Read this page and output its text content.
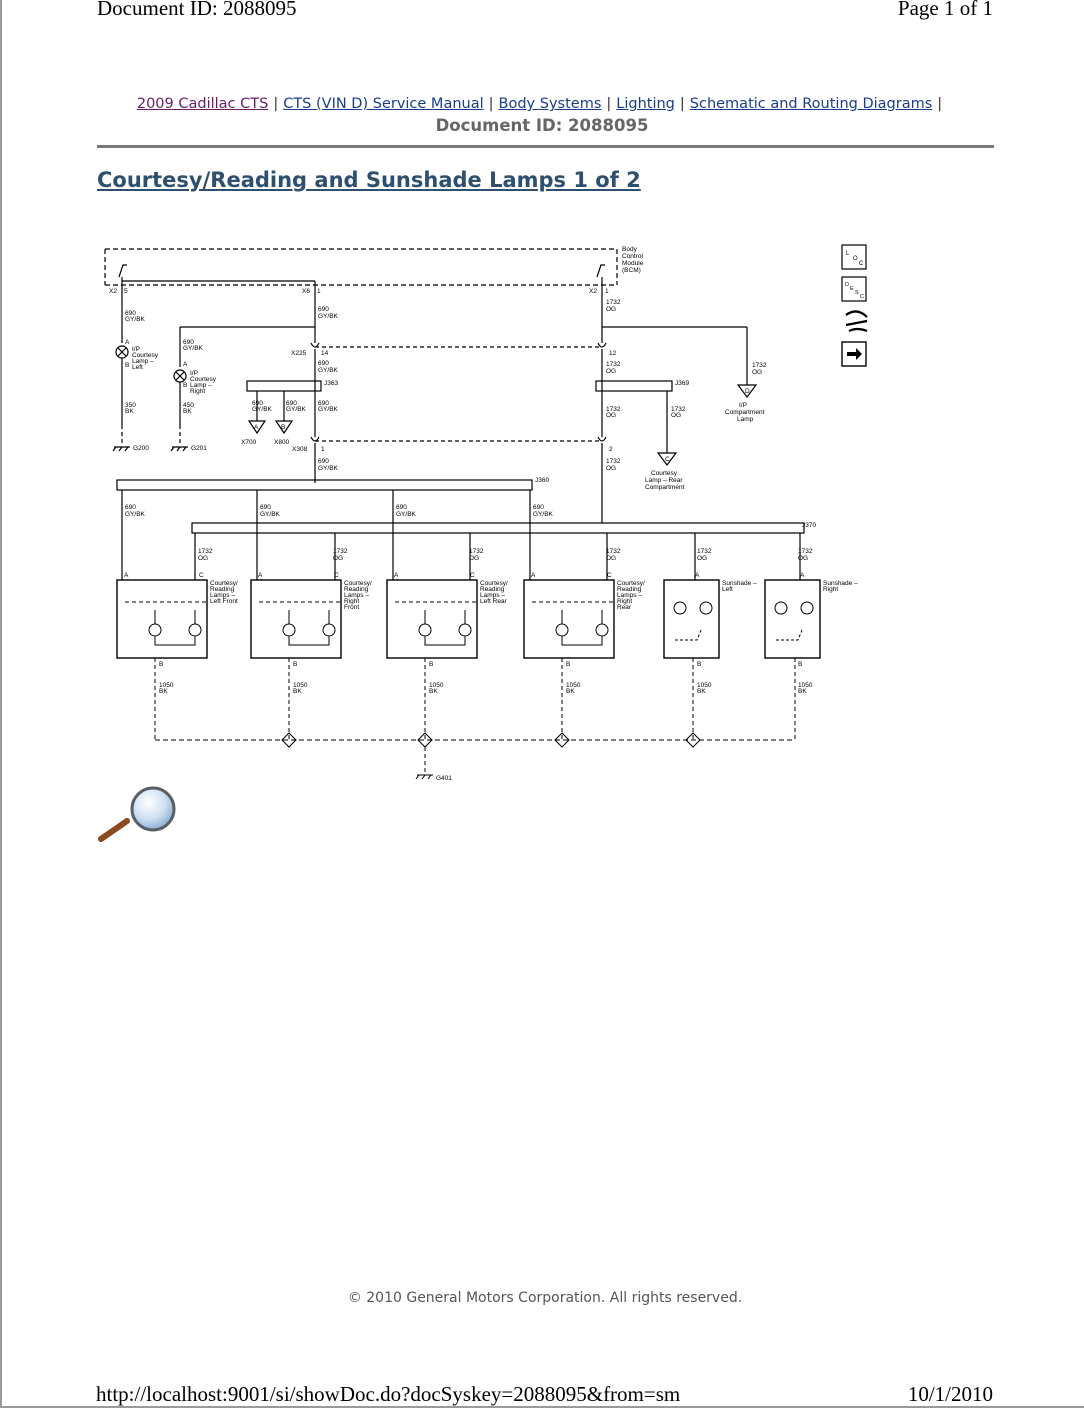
Document ID: 2088095	Page 1 of 1
2009 Cadillac CTS | CTS (VIN D) Service Manual | Body Systems | Lighting | Schematic and Routing Diagrams |
Document ID: 2088095
Courtesy/Reading and Sunshade Lamps 1 of 2
Body
Control
Module
(BCM)
X2 5	X6 1	X2 1
690
GY/BK
690
GY/BK
1732
OG
690
GY/BK
A
I/P
Courtesy
Lamp –
Left
B	A
I/P
Courtesy
Lamp –
Right
B
350
BK
450
BK
G200	G201
X225 14
690
GY/BK
J363
690
GY/BK
690
GY/BK
690
GY/BK
A	B
X700	X800
X308 1
690
GY/BK
12
1732
OG
J369
1732
OG
1732
OG
1732
OG
D
I/P
Compartment
Lamp
2
1732
OG
C
Courtesy
Lamp – Rear
Compartment
J360
J370
690
GY/BK
690
GY/BK
690
GY/BK
690
GY/BK
1732
OG
1732
OG
1732
OG
1732
OG
1732
OG
1732
OG
A	C	A	C	A	C	A	C	A	A
Courtesy/
Reading
Lamps –
Left Front
Courtesy/
Reading
Lamps –
Right
Front
Courtesy/
Reading
Lamps –
Left Rear
Courtesy/
Reading
Lamps –
Right
Rear
Sunshade –
Left
Sunshade –
Right
B	B	B	B	B	B
1050
BK
1050
BK
1050
BK
1050
BK
1050
BK
1050
BK
G401
L
O
C
D
E
S
C
© 2010 General Motors Corporation. All rights reserved.
http://localhost:9001/si/showDoc.do?docSyskey=2088095&from=sm	10/1/2010
